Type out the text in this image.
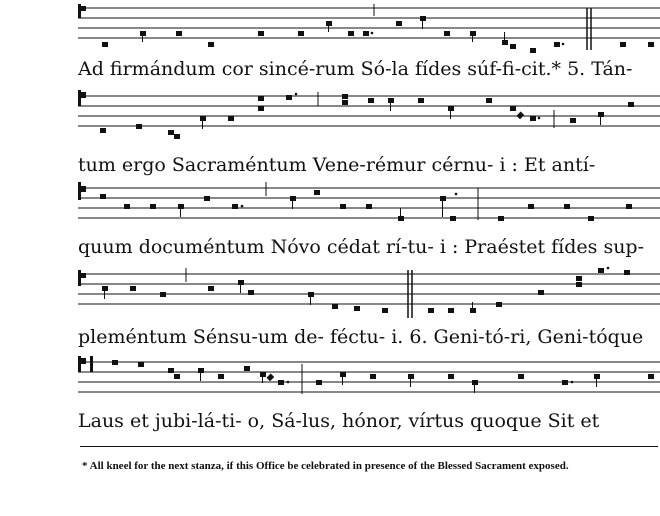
Ad firmándum cor sincé-rum Só-la fídes súf-fi-cit.* 5. Tán-
tum ergo Sacraméntum Vene-rémur cérnu- i : Et antí-
quum documéntum Nóvo cédat rí-tu- i : Praéstet fídes sup-
pleméntum Sénsu-um de- féctu- i. 6. Geni-tó-ri, Geni-tóque
Laus et jubi-lá-ti- o, Sá-lus, hónor, vírtus quoque Sit et
* All kneel for the next stanza, if this Office be celebrated in presence of the Blessed Sacrament exposed.
